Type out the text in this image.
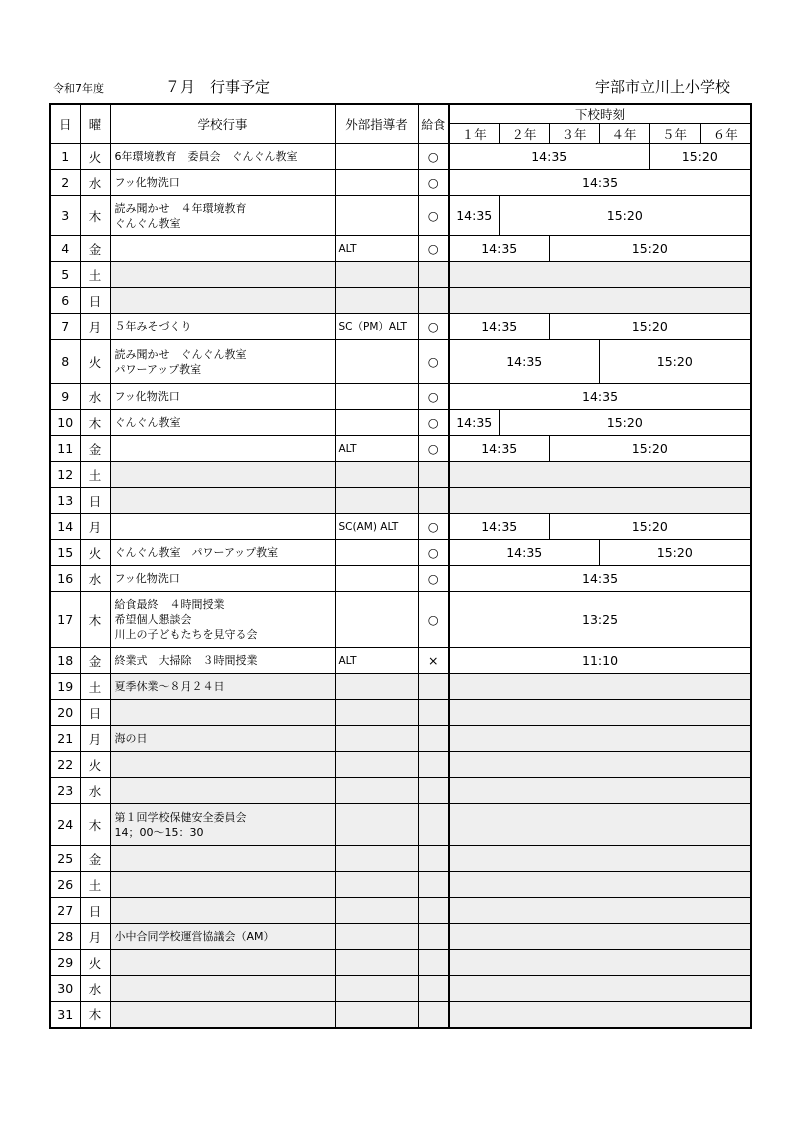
令和7年度	７月　行事予定	宇部市立川上小学校
日	曜	学校行事	外部指導者	給食	下校時刻					
					１年	２年	３年	４年	５年	６年
1	火	6年環境教育　委員会　ぐんぐん教室		○	14:35				15:20	
2	水	フッ化物洗口		○	14:35					
3	木	読み聞かせ　４年環境教育
ぐんぐん教室		○	14:35	15:20				
4	金		ALT	○	14:35		15:20			
5	土									
6	日									
7	月	５年みそづくり	SC（PM）ALT	○	14:35		15:20			
8	火	読み聞かせ　ぐんぐん教室
パワーアップ教室		○	14:35			15:20		
9	水	フッ化物洗口		○	14:35					
10	木	ぐんぐん教室		○	14:35	15:20				
11	金		ALT	○	14:35		15:20			
12	土									
13	日									
14	月		SC(AM) ALT	○	14:35		15:20			
15	火	ぐんぐん教室　パワーアップ教室		○	14:35			15:20		
16	水	フッ化物洗口		○	14:35					
17	木	給食最終　４時間授業
希望個人懇談会
川上の子どもたちを見守る会		○	13:25					
18	金	終業式　大掃除　３時間授業	ALT	×	11:10					
19	土	夏季休業～８月２４日								

20	日									
21	月	海の日								

22	火									
23	水									
24	木	第１回学校保健安全委員会
14；00～15：30								

25	金									
26	土									
27	日									
28	月	小中合同学校運営協議会（AM）								

29	火									
30	水									
31	木									
